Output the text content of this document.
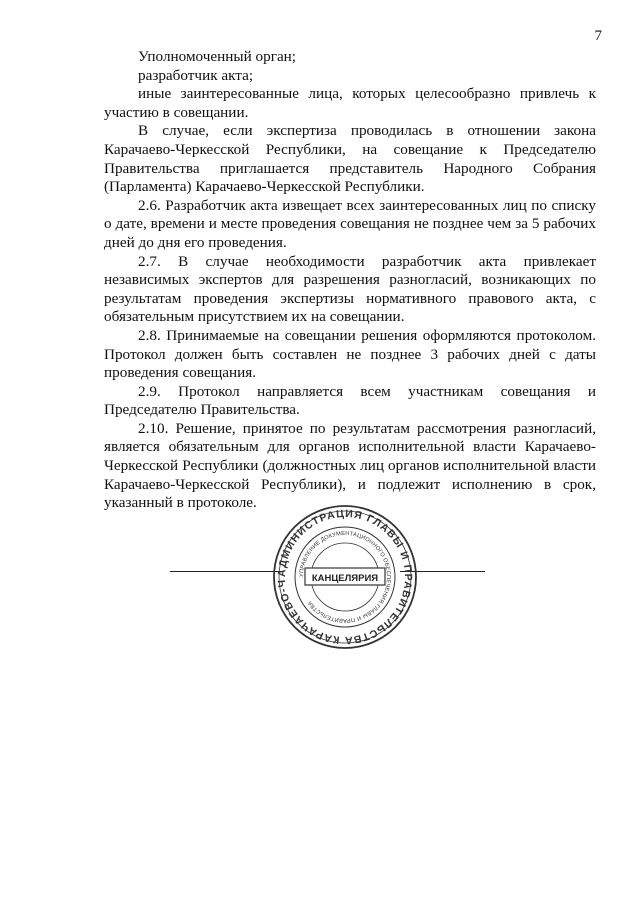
7

Уполномоченный орган;

разработчик акта;

иные заинтересованные лица, которых целесообразно привлечь к участию в совещании.

В случае, если экспертиза проводилась в отношении закона Карачаево-Черкесской Республики, на совещание к Председателю Правительства приглашается представитель Народного Собрания (Парламента) Карачаево-Черкесской Республики.

2.6. Разработчик акта извещает всех заинтересованных лиц по списку о дате, времени и месте проведения совещания не позднее чем за 5 рабочих дней до дня его проведения.

2.7. В случае необходимости разработчик акта привлекает независимых экспертов для разрешения разногласий, возникающих по результатам проведения экспертизы нормативного правового акта, с обязательным присутствием их на совещании.

2.8. Принимаемые на совещании решения оформляются протоколом. Протокол должен быть составлен не позднее 3 рабочих дней с даты проведения совещания.

2.9. Протокол направляется всем участникам совещания и Председателю Правительства.

2.10. Решение, принятое по результатам рассмотрения разногласий, является обязательным для органов исполнительной власти Карачаево-Черкесской Республики (должностных лиц органов исполнительной власти Карачаево-Черкесской Республики), и подлежит исполнению в срок, указанный в протоколе.

АДМИНИСТРАЦИЯ ГЛАВЫ И ПРАВИТЕЛЬСТВА КАРАЧАЕВО-Ч
УПРАВЛЕНИЕ ДОКУМЕНТАЦИОННОГО ОБЕСПЕЧЕНИЯ ГЛАВЫ И ПРАВИТЕЛЬСТВА
КАНЦЕЛЯРИЯ
